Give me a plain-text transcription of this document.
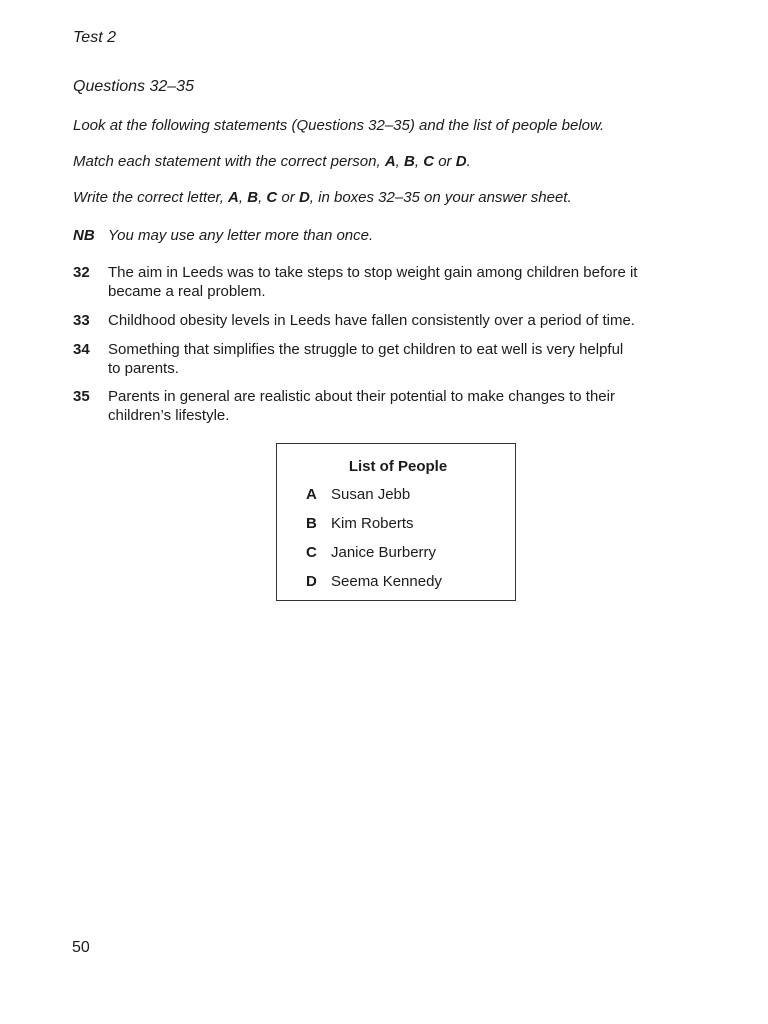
Test 2
Questions 32–35
Look at the following statements (Questions 32–35) and the list of people below.
Match each statement with the correct person, A, B, C or D.
Write the correct letter, A, B, C or D, in boxes 32–35 on your answer sheet.
NB You may use any letter more than once.
32	The aim in Leeds was to take steps to stop weight gain among children before it
became a real problem.
33	Childhood obesity levels in Leeds have fallen consistently over a period of time.
34	Something that simplifies the struggle to get children to eat well is very helpful
to parents.
35	Parents in general are realistic about their potential to make changes to their
children’s lifestyle.
List of People
A Susan Jebb
B Kim Roberts
C Janice Burberry
D Seema Kennedy
50
